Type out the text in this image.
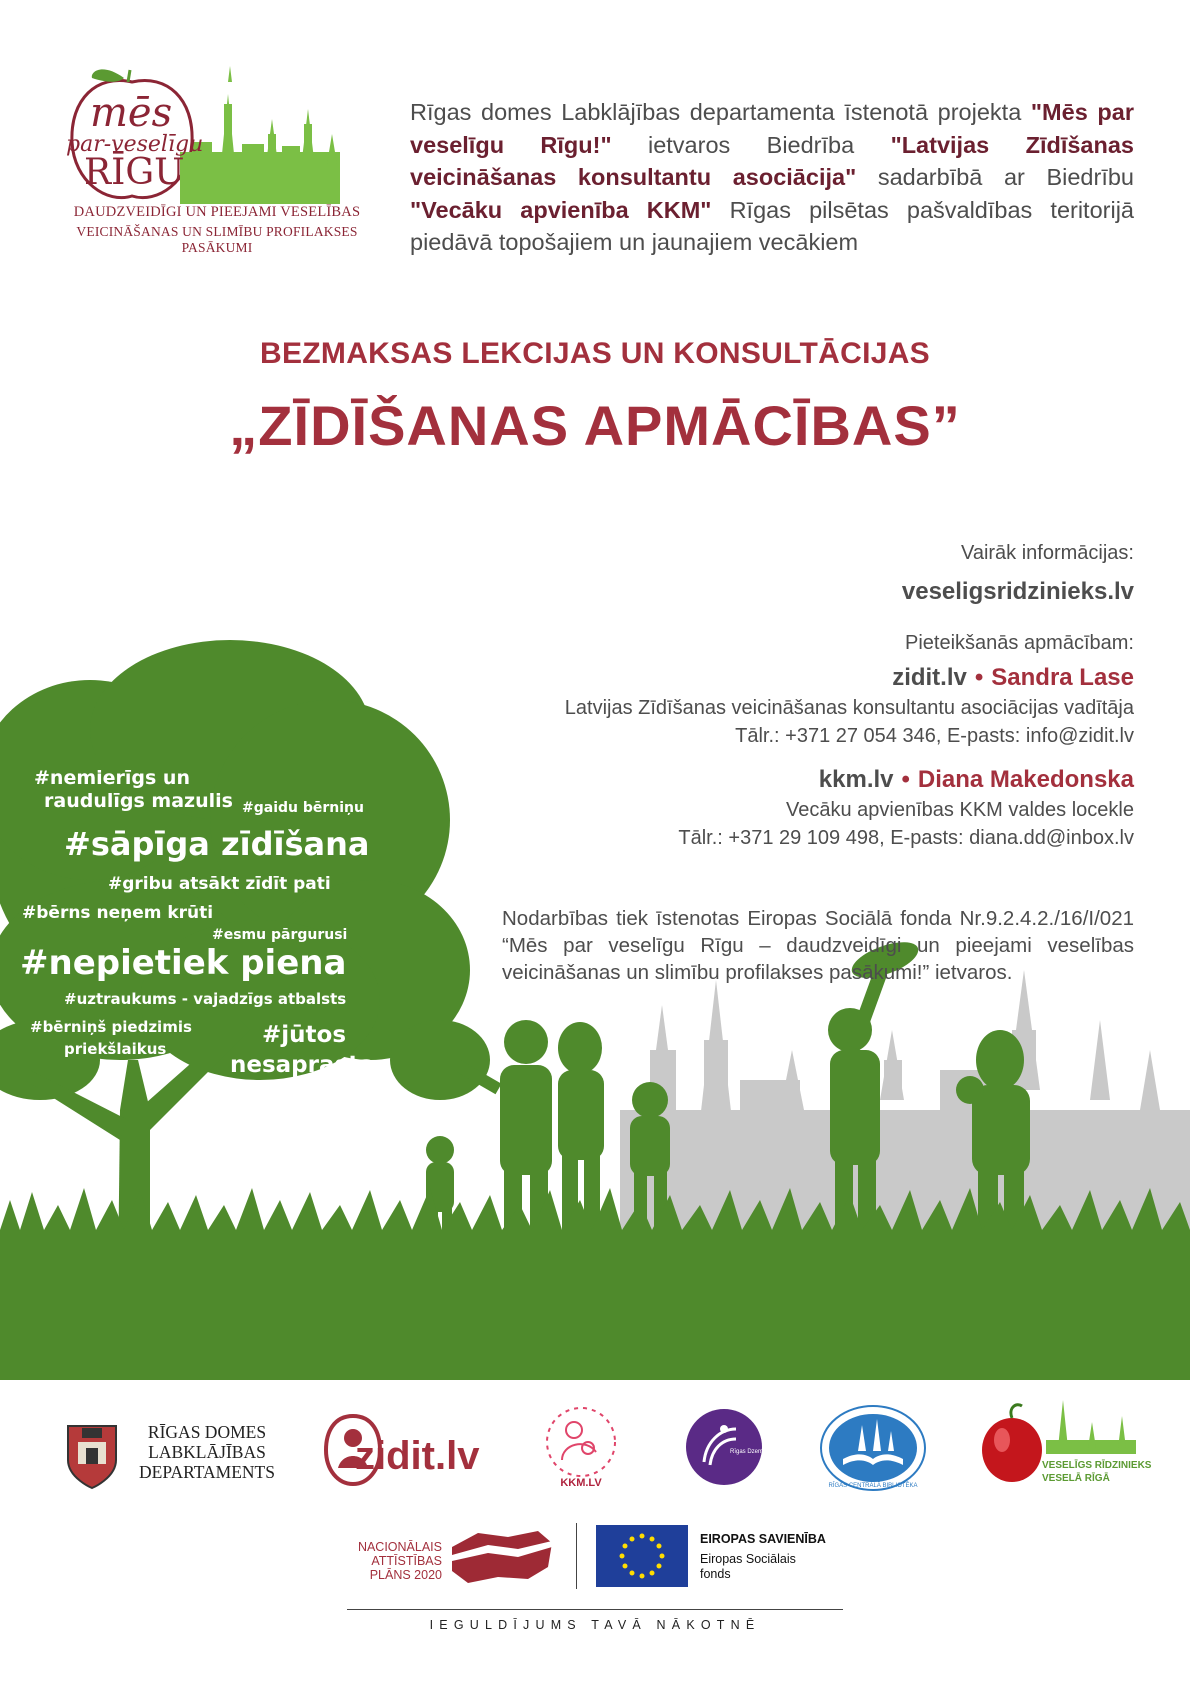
mēs
par-veselīgu
RĪGU
DAUDZVEIDĪGI UN PIEEJAMI VESELĪBAS
VEICINĀŠANAS UN SLIMĪBU PROFILAKSES PASĀKUMI
Rīgas domes Labklājības departamenta īstenotā projekta "Mēs par veselīgu Rīgu!" ietvaros Biedrība "Latvijas Zīdīšanas veicināšanas konsultantu asociācija" sadarbībā ar Biedrību "Vecāku apvienība KKM" Rīgas pilsētas pašvaldības teritorijā piedāvā topošajiem un jaunajiem vecākiem
BEZMAKSAS LEKCIJAS UN KONSULTĀCIJAS
„ZĪDĪŠANAS APMĀCĪBAS”
#nemierīgs un
raudulīgs mazulis #gaidu bērniņu
#sāpīga zīdīšana
#gribu atsākt zīdīt pati
#bērns neņem krūti
#esmu pārgurusi
#nepietiek piena
#uztraukums - vajadzīgs atbalsts
#bērniņš piedzimis
priekšlaikus
#jūtos
nesaprasta
Vairāk informācijas:
veseligsridzinieks.lv
Pieteikšanās apmācībam:
zidit.lv • Sandra Lase
Latvijas Zīdīšanas veicināšanas konsultantu asociācijas vadītāja
Tālr.: +371 27 054 346, E-pasts: info@zidit.lv
kkm.lv • Diana Makedonska
Vecāku apvienības KKM valdes locekle
Tālr.: +371 29 109 498, E-pasts: diana.dd@inbox.lv
Nodarbības tiek īstenotas Eiropas Sociālā fonda Nr.9.2.4.2./16/I/021 “Mēs par veselīgu Rīgu – daudzveidīgi un pieejami veselības veicināšanas un slimību profilakses pasākumi!” ietvaros.
RĪGAS DOMES
LABKLĀJĪBAS
DEPARTAMENTS zidit.lv
KKM.LV
Rīgas Dzemdību Nams
RĪGAS CENTRĀLĀ BIBLIOTĒKA
VESELĪGS RĪDZINIEKS
VESELĀ RĪGĀ
NACIONĀLAIS
ATTĪSTĪBAS
PLĀNS 2020
EIROPAS SAVIENĪBA
Eiropas Sociālais
fonds
IEGULDĪJUMS TAVĀ NĀKOTNĒ
